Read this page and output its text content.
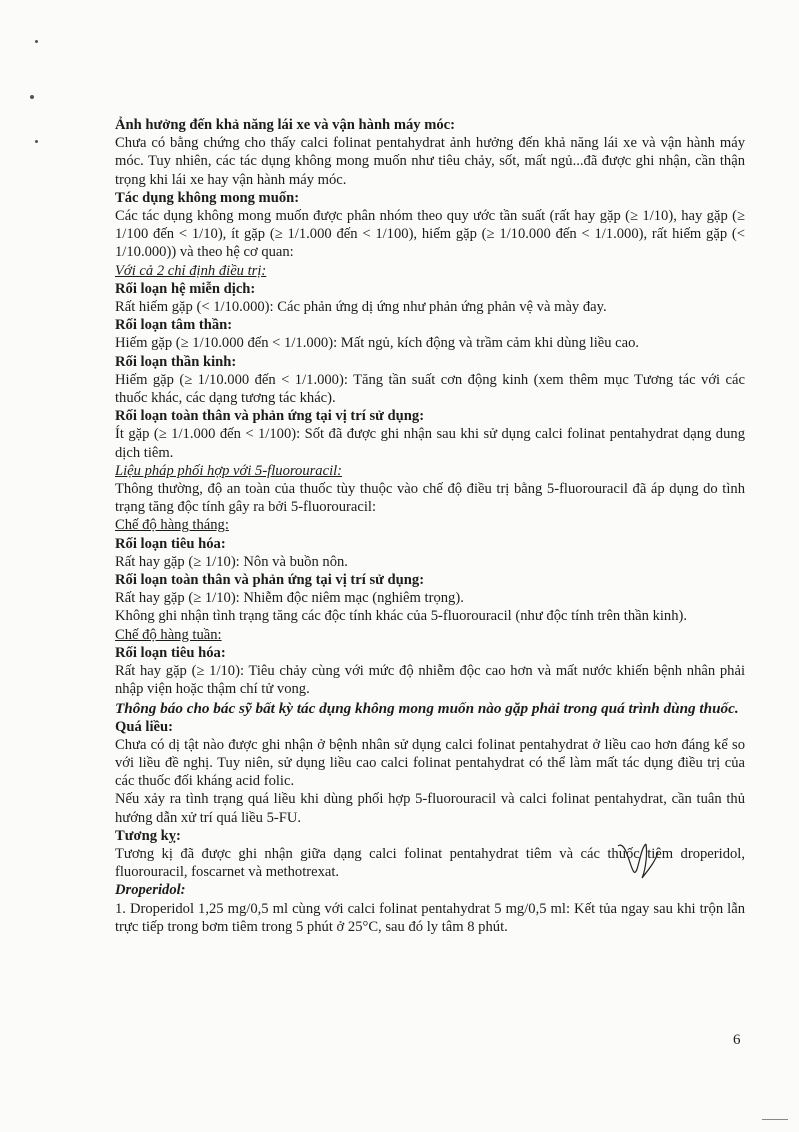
Ảnh hưởng đến khả năng lái xe và vận hành máy móc:

Chưa có bằng chứng cho thấy calci folinat pentahydrat ảnh hưởng đến khả năng lái xe và vận hành máy móc. Tuy nhiên, các tác dụng không mong muốn như tiêu chảy, sốt, mất ngủ...đã được ghi nhận, cần thận trọng khi lái xe hay vận hành máy móc.

Tác dụng không mong muốn:

Các tác dụng không mong muốn được phân nhóm theo quy ước tần suất (rất hay gặp (≥ 1/10), hay gặp (≥ 1/100 đến < 1/10), ít gặp (≥ 1/1.000 đến < 1/100), hiếm gặp (≥ 1/10.000 đến < 1/1.000), rất hiếm gặp (< 1/10.000)) và theo hệ cơ quan:

Với cả 2 chỉ định điều trị:

Rối loạn hệ miễn dịch:

Rất hiếm gặp (< 1/10.000): Các phản ứng dị ứng như phản ứng phản vệ và mày đay.

Rối loạn tâm thần:

Hiếm gặp (≥ 1/10.000 đến < 1/1.000): Mất ngủ, kích động và trầm cảm khi dùng liều cao.

Rối loạn thần kinh:

Hiếm gặp (≥ 1/10.000 đến < 1/1.000): Tăng tần suất cơn động kinh (xem thêm mục Tương tác với các thuốc khác, các dạng tương tác khác).

Rối loạn toàn thân và phản ứng tại vị trí sử dụng:

Ít gặp (≥ 1/1.000 đến < 1/100): Sốt đã được ghi nhận sau khi sử dụng calci folinat pentahydrat dạng dung dịch tiêm.

Liệu pháp phối hợp với 5-fluorouracil:

Thông thường, độ an toàn của thuốc tùy thuộc vào chế độ điều trị bằng 5-fluorouracil đã áp dụng do tình trạng tăng độc tính gây ra bởi 5-fluorouracil:

Chế độ hàng tháng:

Rối loạn tiêu hóa:

Rất hay gặp (≥ 1/10): Nôn và buồn nôn.

Rối loạn toàn thân và phản ứng tại vị trí sử dụng:

Rất hay gặp (≥ 1/10): Nhiễm độc niêm mạc (nghiêm trọng).

Không ghi nhận tình trạng tăng các độc tính khác của 5-fluorouracil (như độc tính trên thần kinh).

Chế độ hàng tuần:

Rối loạn tiêu hóa:

Rất hay gặp (≥ 1/10): Tiêu chảy cùng với mức độ nhiễm độc cao hơn và mất nước khiến bệnh nhân phải nhập viện hoặc thậm chí tử vong.

Thông báo cho bác sỹ bất kỳ tác dụng không mong muốn nào gặp phải trong quá trình dùng thuốc.

Quá liều:

Chưa có dị tật nào được ghi nhận ở bệnh nhân sử dụng calci folinat pentahydrat ở liều cao hơn đáng kể so với liều đề nghị. Tuy niên, sử dụng liều cao calci folinat pentahydrat có thể làm mất tác dụng điều trị của các thuốc đối kháng acid folic.

Nếu xảy ra tình trạng quá liều khi dùng phối hợp 5-fluorouracil và calci folinat pentahydrat, cần tuân thủ hướng dẫn xử trí quá liều 5-FU.

Tương kỵ:

Tương kị đã được ghi nhận giữa dạng calci folinat pentahydrat tiêm và các thuốc tiêm droperidol, fluorouracil, foscarnet và methotrexat.

Droperidol:

1. Droperidol 1,25 mg/0,5 ml cùng với calci folinat pentahydrat 5 mg/0,5 ml: Kết tủa ngay sau khi trộn lẫn trực tiếp trong bơm tiêm trong 5 phút ở 25°C, sau đó ly tâm 8 phút.

6
